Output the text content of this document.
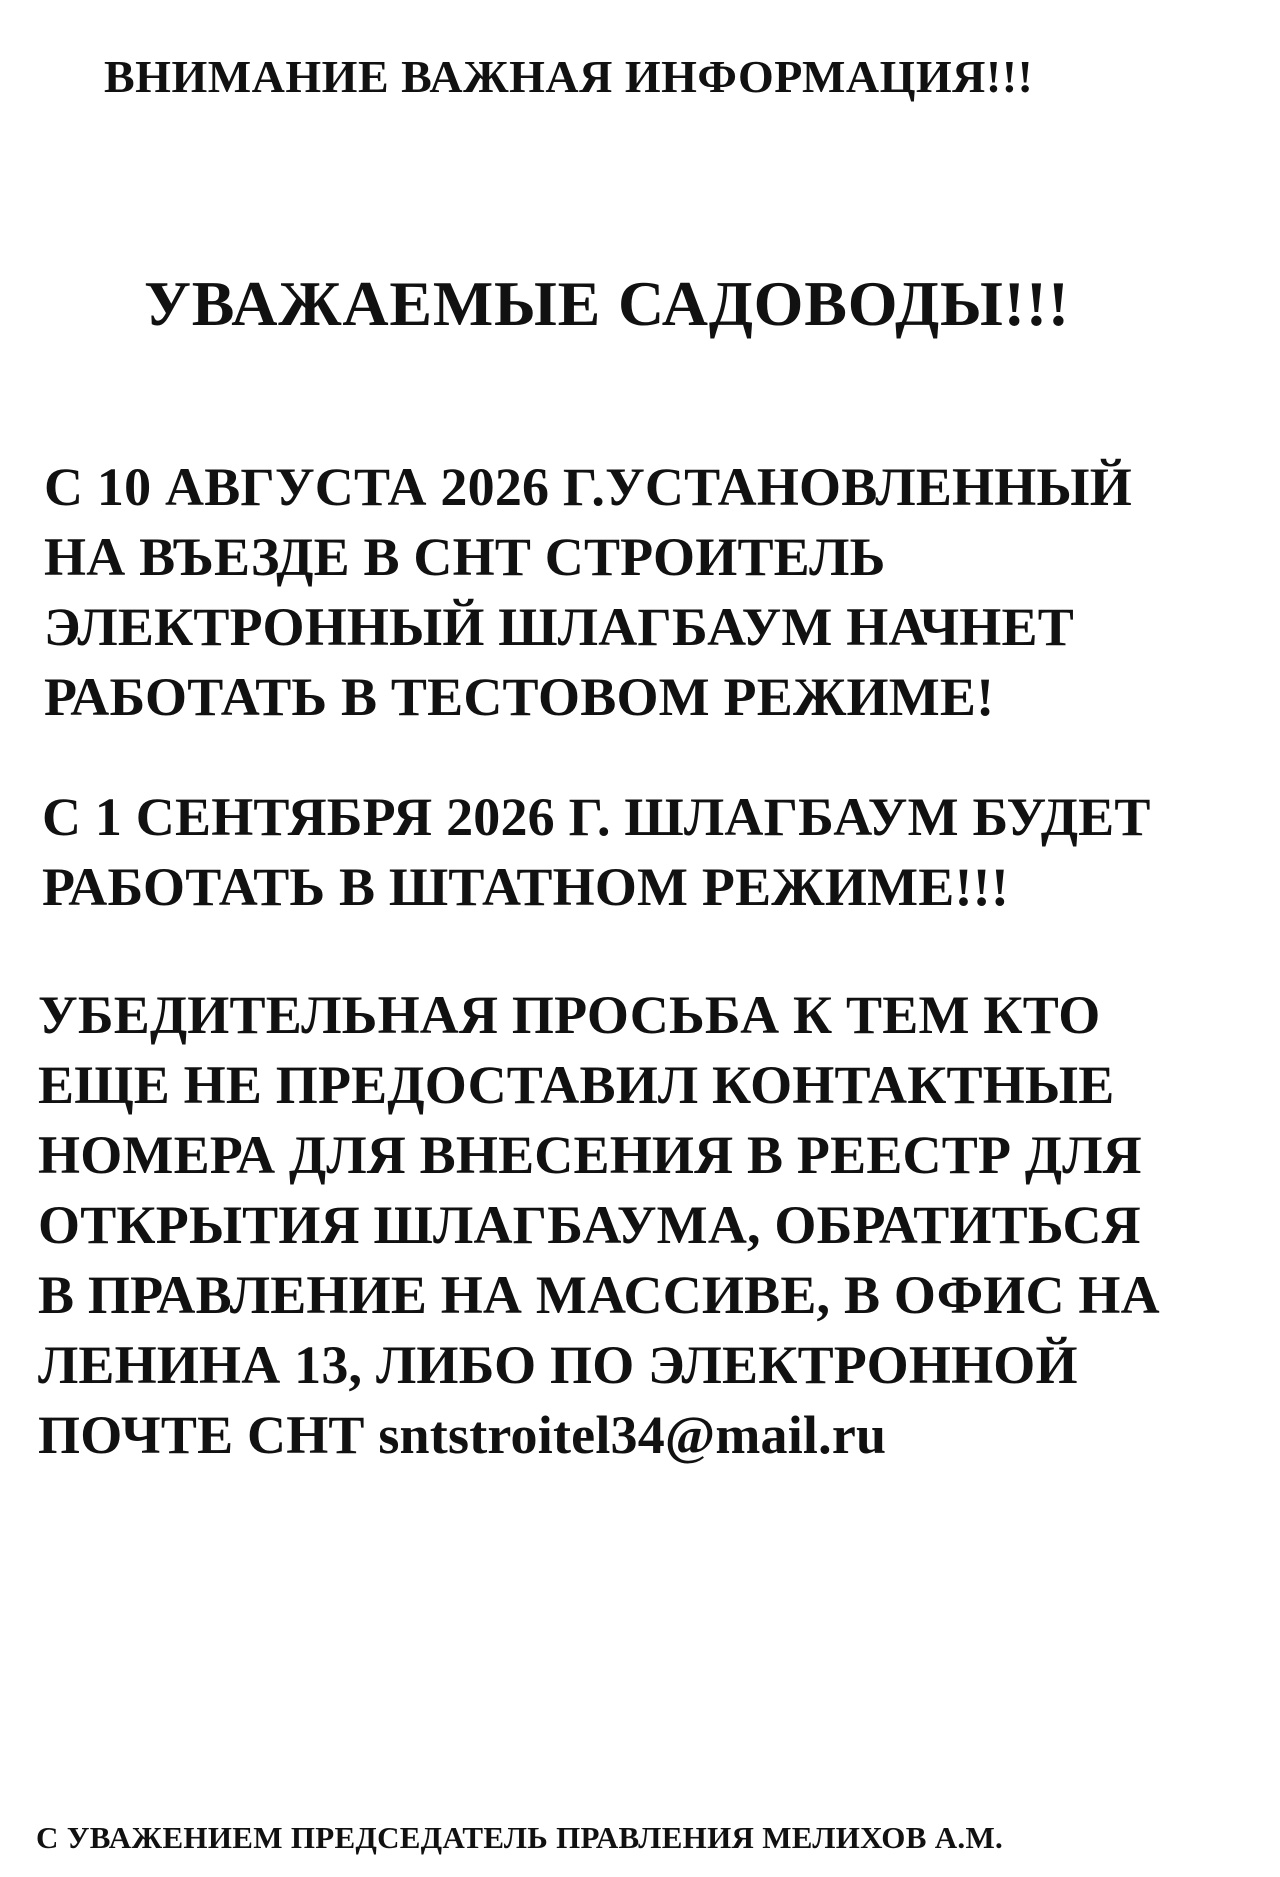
ВНИМАНИЕ ВАЖНАЯ ИНФОРМАЦИЯ!!!
УВАЖАЕМЫЕ САДОВОДЫ!!!

С 10 АВГУСТА 2026 Г.УСТАНОВЛЕННЫЙ

НА ВЪЕЗДЕ В СНТ СТРОИТЕЛЬ

ЭЛЕКТРОННЫЙ ШЛАГБАУМ НАЧНЕТ

РАБОТАТЬ В ТЕСТОВОМ РЕЖИМЕ!

С 1 СЕНТЯБРЯ 2026 Г. ШЛАГБАУМ БУДЕТ

РАБОТАТЬ В ШТАТНОМ РЕЖИМЕ!!!

УБЕДИТЕЛЬНАЯ ПРОСЬБА К ТЕМ КТО

ЕЩЕ НЕ ПРЕДОСТАВИЛ КОНТАКТНЫЕ

НОМЕРА ДЛЯ ВНЕСЕНИЯ В РЕЕСТР ДЛЯ

ОТКРЫТИЯ ШЛАГБАУМА, ОБРАТИТЬСЯ

В ПРАВЛЕНИЕ НА МАССИВЕ, В ОФИС НА

ЛЕНИНА 13, ЛИБО ПО ЭЛЕКТРОННОЙ

ПОЧТЕ СНТ sntstroitel34@mail.ru

С УВАЖЕНИЕМ ПРЕДСЕДАТЕЛЬ ПРАВЛЕНИЯ МЕЛИХОВ А.М.
